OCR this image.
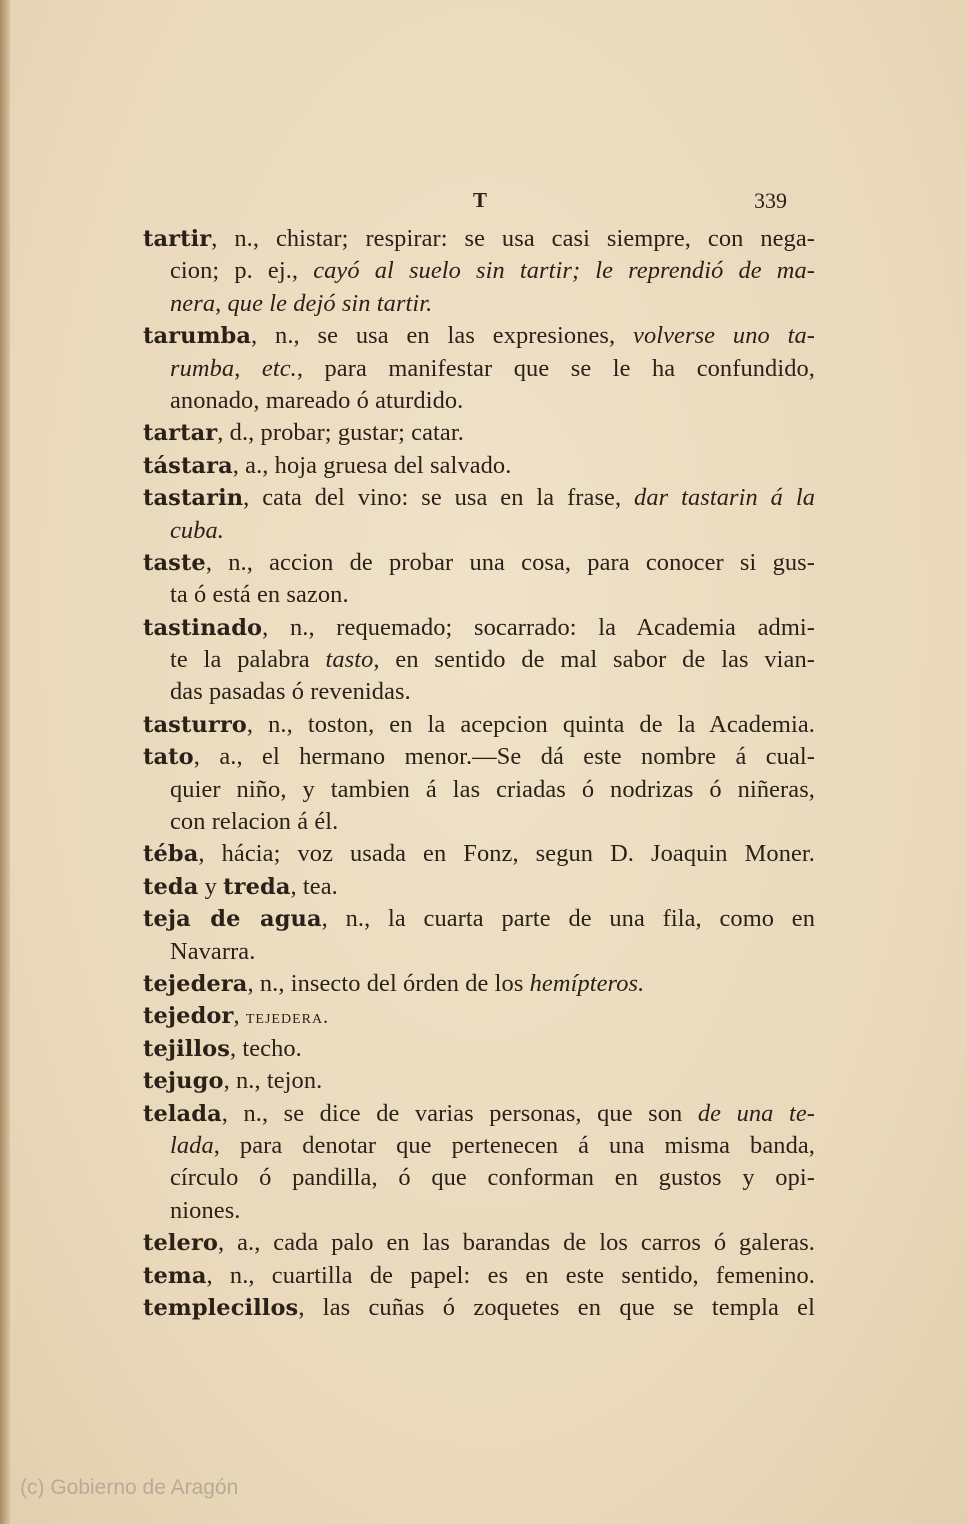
T	339
tartir, n., chistar; respirar: se usa casi siempre, con nega-
cion; p. ej., cayó al suelo sin tartir; le reprendió de ma-
nera, que le dejó sin tartir.
tarumba, n., se usa en las expresiones, volverse uno ta-
rumba, etc., para manifestar que se le ha confundido,
anonado, mareado ó aturdido.
tartar, d., probar; gustar; catar.
tástara, a., hoja gruesa del salvado.
tastarin, cata del vino: se usa en la frase, dar tastarin á la
cuba.
taste, n., accion de probar una cosa, para conocer si gus-
ta ó está en sazon.
tastinado, n., requemado; socarrado: la Academia admi-
te la palabra tasto, en sentido de mal sabor de las vian-
das pasadas ó revenidas.
tasturro, n., toston, en la acepcion quinta de la Academia.
tato, a., el hermano menor.—Se dá este nombre á cual-
quier niño, y tambien á las criadas ó nodrizas ó niñeras,
con relacion á él.
téba, hácia; voz usada en Fonz, segun D. Joaquin Moner.
teda y treda, tea.
teja de agua, n., la cuarta parte de una fila, como en
Navarra.
tejedera, n., insecto del órden de los hemípteros.
tejedor, tejedera.
tejillos, techo.
tejugo, n., tejon.
telada, n., se dice de varias personas, que son de una te-
lada, para denotar que pertenecen á una misma banda,
círculo ó pandilla, ó que conforman en gustos y opi-
niones.
telero, a., cada palo en las barandas de los carros ó galeras.
tema, n., cuartilla de papel: es en este sentido, femenino.
templecillos, las cuñas ó zoquetes en que se templa el
(c) Gobierno de Aragón
